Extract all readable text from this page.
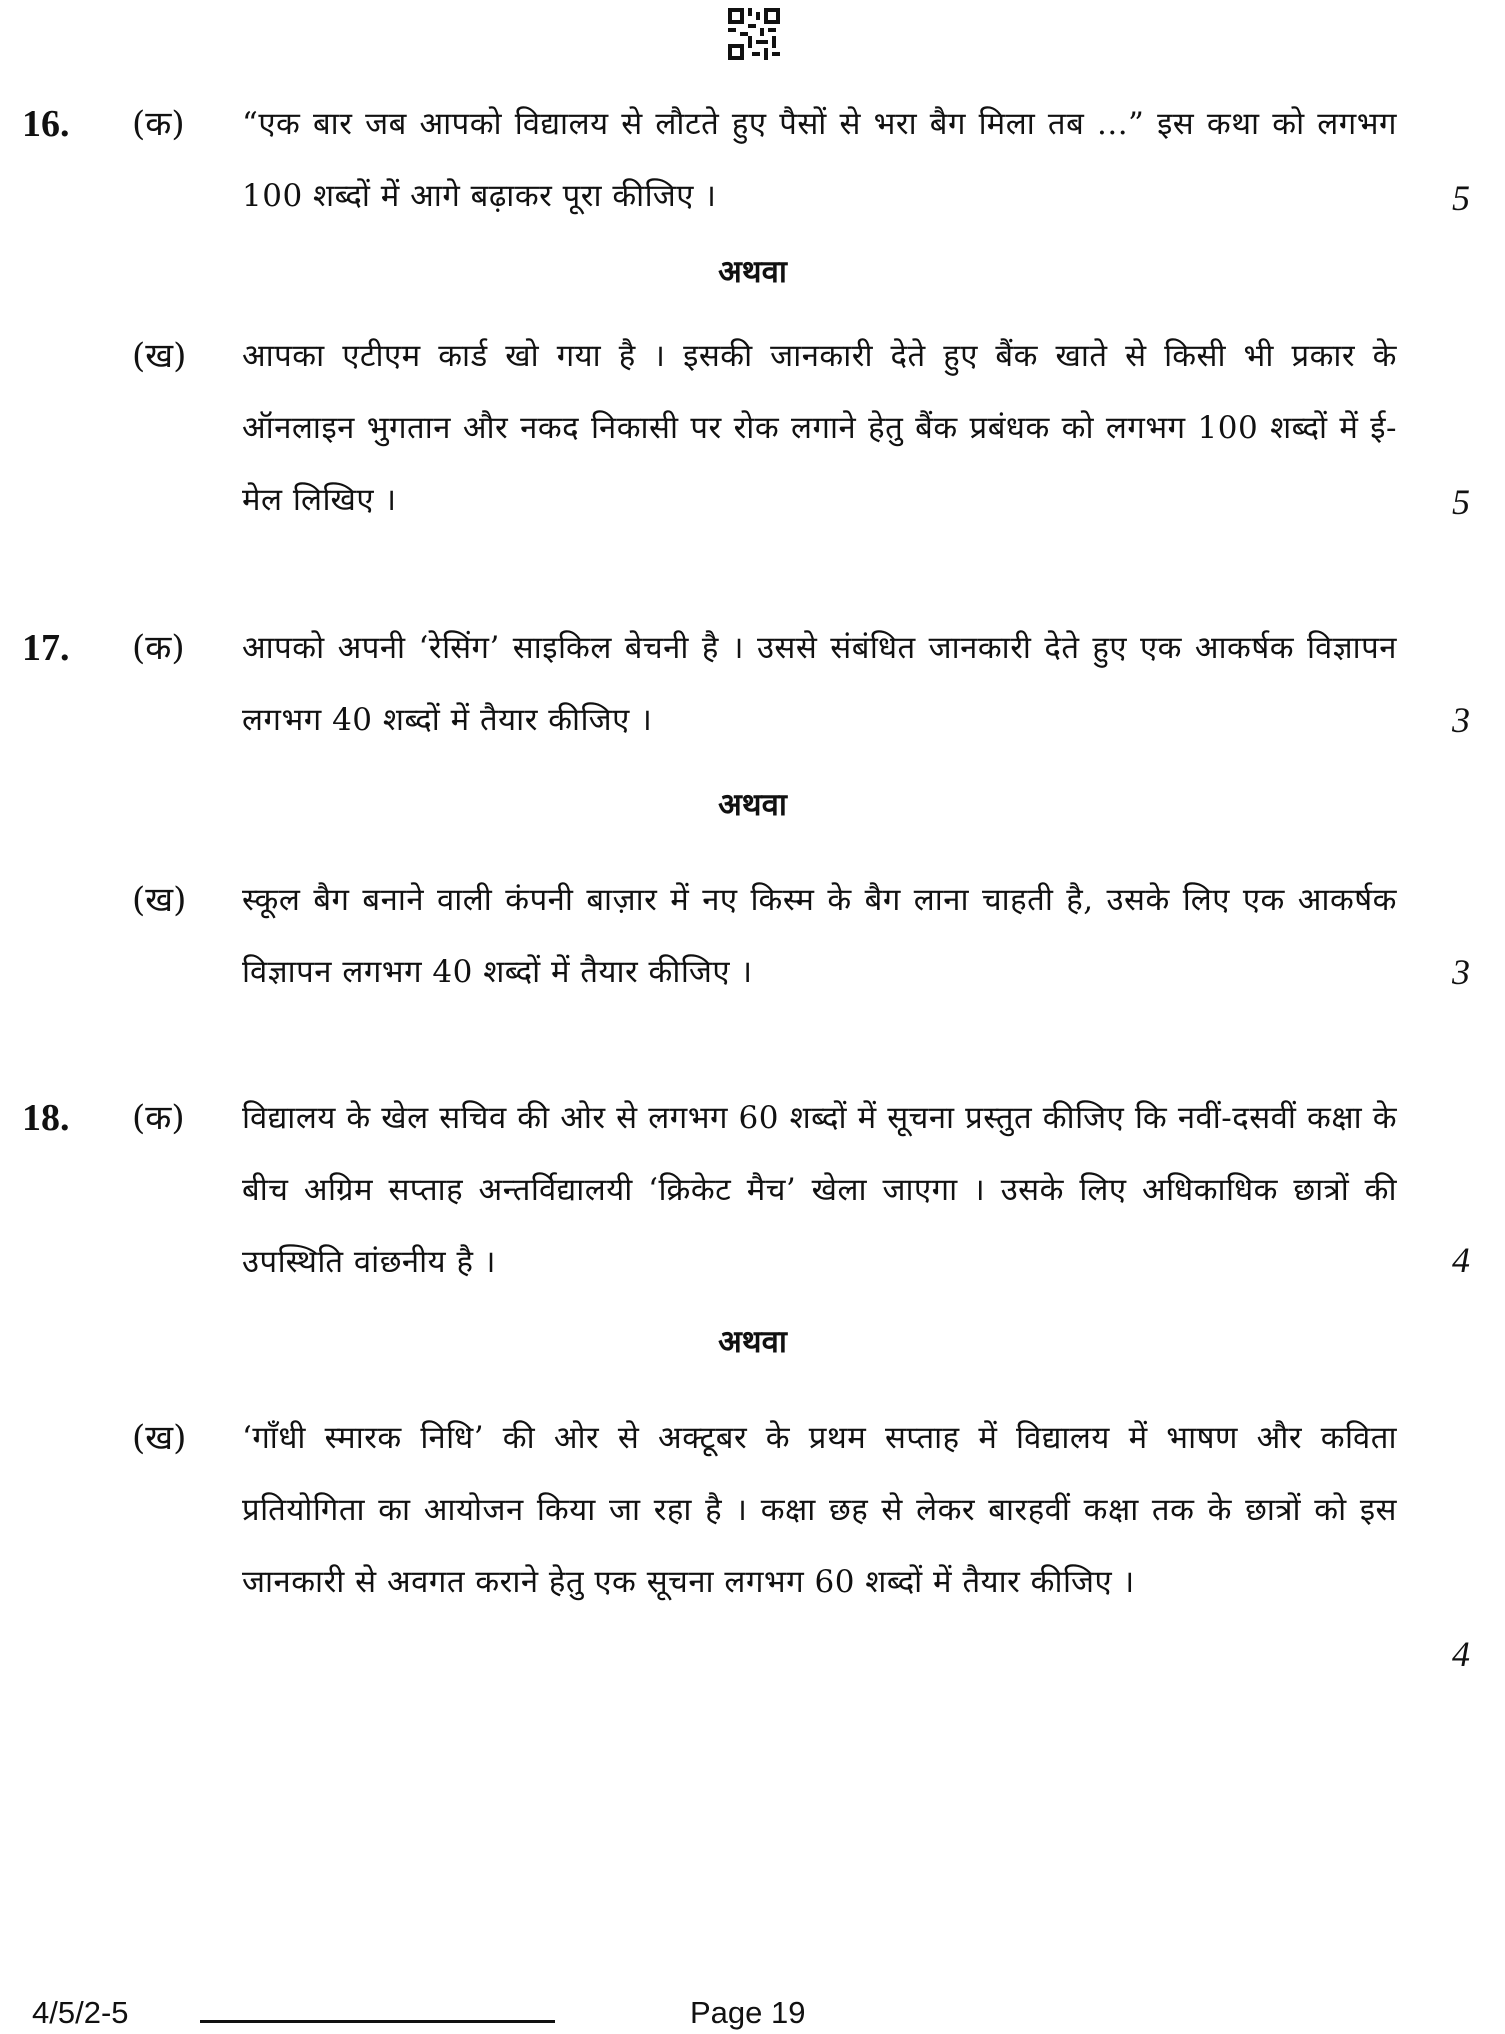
16. (क) “एक बार जब आपको विद्यालय से लौटते हुए पैसों से भरा बैग मिला तब ...” इस कथा को लगभग 100 शब्दों में आगे बढ़ाकर पूरा कीजिए ।	5
अथवा
(ख) आपका एटीएम कार्ड खो गया है । इसकी जानकारी देते हुए बैंक खाते से किसी भी प्रकार के ऑनलाइन भुगतान और नकद निकासी पर रोक लगाने हेतु बैंक प्रबंधक को लगभग 100 शब्दों में ई-मेल लिखिए ।	5
17. (क) आपको अपनी ‘रेसिंग’ साइकिल बेचनी है । उससे संबंधित जानकारी देते हुए एक आकर्षक विज्ञापन लगभग 40 शब्दों में तैयार कीजिए ।	3
अथवा
(ख) स्कूल बैग बनाने वाली कंपनी बाज़ार में नए किस्म के बैग लाना चाहती है, उसके लिए एक आकर्षक विज्ञापन लगभग 40 शब्दों में तैयार कीजिए ।	3
18. (क) विद्यालय के खेल सचिव की ओर से लगभग 60 शब्दों में सूचना प्रस्तुत कीजिए कि नवीं-दसवीं कक्षा के बीच अग्रिम सप्ताह अन्तर्विद्यालयी ‘क्रिकेट मैच’ खेला जाएगा । उसके लिए अधिकाधिक छात्रों की उपस्थिति वांछनीय है ।	4
अथवा
(ख) ‘गाँधी स्मारक निधि’ की ओर से अक्टूबर के प्रथम सप्ताह में विद्यालय में भाषण और कविता प्रतियोगिता का आयोजन किया जा रहा है । कक्षा छह से लेकर बारहवीं कक्षा तक के छात्रों को इस जानकारी से अवगत कराने हेतु एक सूचना लगभग 60 शब्दों में तैयार कीजिए ।

4
4/5/2-5	Page 19
